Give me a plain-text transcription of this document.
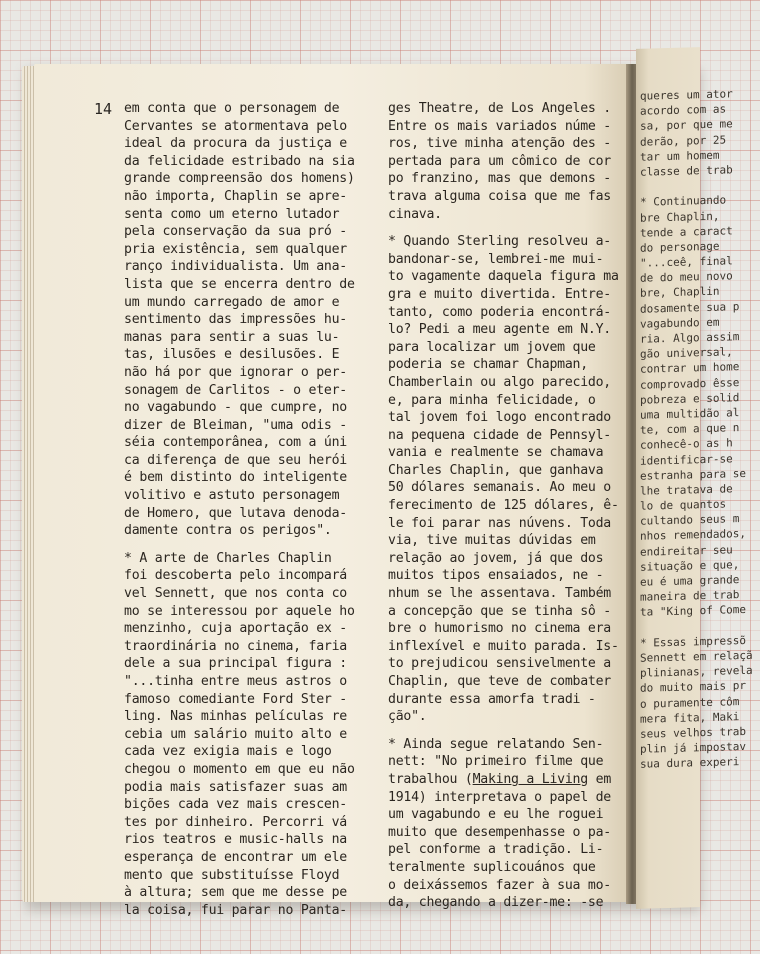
queres um ator
acordo com as
sa, por que me
derão, por 25
tar um homem
classe de trab
* Continuando
bre Chaplin,
tende a caract
do personage
"...ceê, final
de do meu novo
bre, Chaplin
dosamente sua p
vagabundo em
ria. Algo assim
gão universal,
contrar um home
comprovado êsse
pobreza e solid
uma multidão al
te, com a que n
conhecê-o as h
identificar-se
estranha para se
lhe tratava de
lo de quantos
cultando seus m
nhos remendados,
endireitar seu
situação e que,
eu é uma grande
maneira de trab
ta "King of Come
* Essas impressõ
Sennett em relaçã
plinianas, revela
do muito mais pr
o puramente côm
mera fita, Maki
seus velhos trab
plin já impostav
sua dura experi
14 em conta que o personagem de
Cervantes se atormentava pelo
ideal da procura da justiça e
da felicidade estribado na sia
grande compreensão dos homens)
não importa, Chaplin se apre-
senta como um eterno lutador
pela conservação da sua pró -
pria existência, sem qualquer
ranço individualista. Um ana-
lista que se encerra dentro de
um mundo carregado de amor e
sentimento das impressões hu-
manas para sentir a suas lu-
tas, ilusões e desilusões. E
não há por que ignorar o per-
sonagem de Carlitos - o eter-
no vagabundo - que cumpre, no
dizer de Bleiman, "uma odis -
séia contemporânea, com a úni
ca diferença de que seu herói
é bem distinto do inteligente
volitivo e astuto personagem
de Homero, que lutava denoda-
damente contra os perigos".
* A arte de Charles Chaplin
foi descoberta pelo incompará
vel Sennett, que nos conta co
mo se interessou por aquele ho
menzinho, cuja aportação ex -
traordinária no cinema, faria
dele a sua principal figura :
"...tinha entre meus astros o
famoso comediante Ford Ster -
ling. Nas minhas películas re
cebia um salário muito alto e
cada vez exigia mais e logo
chegou o momento em que eu não
podia mais satisfazer suas am
bições cada vez mais crescen-
tes por dinheiro. Percorri vá
rios teatros e music-halls na
esperança de encontrar um ele
mento que substituísse Floyd
à altura; sem que me desse pe
la coisa, fui parar no Panta-
ges Theatre, de Los Angeles .
Entre os mais variados núme -
ros, tive minha atenção des -
pertada para um cômico de cor
po franzino, mas que demons -
trava alguma coisa que me fas
cinava.
* Quando Sterling resolveu a-
bandonar-se, lembrei-me mui-
to vagamente daquela figura ma
gra e muito divertida. Entre-
tanto, como poderia encontrá-
lo? Pedi a meu agente em N.Y.
para localizar um jovem que
poderia se chamar Chapman,
Chamberlain ou algo parecido,
e, para minha felicidade, o
tal jovem foi logo encontrado
na pequena cidade de Pennsyl-
vania e realmente se chamava
Charles Chaplin, que ganhava
50 dólares semanais. Ao meu o
ferecimento de 125 dólares, ê-
le foi parar nas núvens. Toda
via, tive muitas dúvidas em
relação ao jovem, já que dos
muitos tipos ensaiados, ne -
nhum se lhe assentava. Também
a concepção que se tinha sô -
bre o humorismo no cinema era
inflexível e muito parada. Is-
to prejudicou sensivelmente a
Chaplin, que teve de combater
durante essa amorfa tradi -
ção".
* Ainda segue relatando Sen-
nett: "No primeiro filme que
trabalhou (Making a Living em
1914) interpretava o papel de
um vagabundo e eu lhe roguei
muito que desempenhasse o pa-
pel conforme a tradição. Li-
teralmente suplicouános que
o deixássemos fazer à sua mo-
da, chegando a dizer-me: -se
